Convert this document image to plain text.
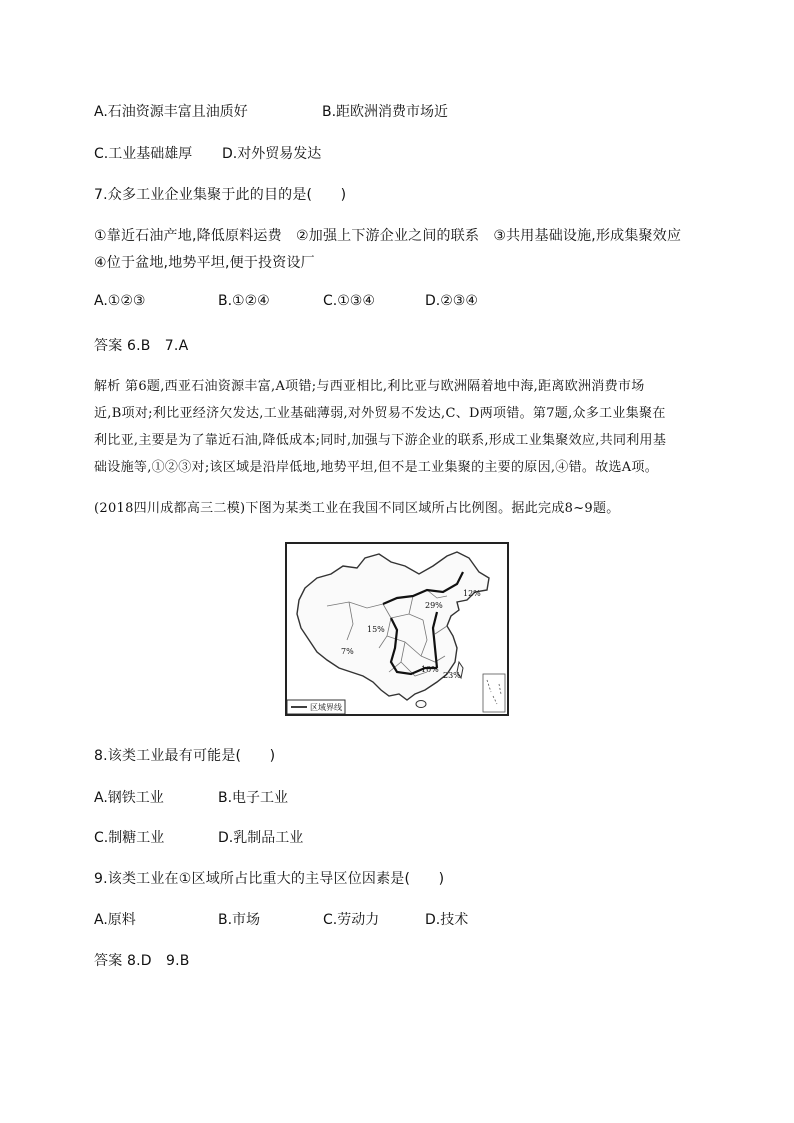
A.石油资源丰富且油质好	B.距欧洲消费市场近
C.工业基础雄厚 D.对外贸易发达
7.众多工业企业集聚于此的目的是(　　)
①靠近石油产地,降低原料运费　②加强上下游企业之间的联系　③共用基础设施,形成集聚效应
④位于盆地,地势平坦,便于投资设厂
A.①②③	B.①②④	C.①③④	D.②③④
答案 6.B　7.A
解析 第6题,西亚石油资源丰富,A项错;与西亚相比,利比亚与欧洲隔着地中海,距离欧洲消费市场
近,B项对;利比亚经济欠发达,工业基础薄弱,对外贸易不发达,C、D两项错。第7题,众多工业集聚在
利比亚,主要是为了靠近石油,降低成本;同时,加强与下游企业的联系,形成工业集聚效应,共同利用基
础设施等,①②③对;该区域是沿岸低地,地势平坦,但不是工业集聚的主要的原因,④错。故选A项。
(2018四川成都高三二模)下图为某类工业在我国不同区域所占比例图。据此完成8~9题。
29%
12%
15%
7%
10%
23%
区域界线
8.该类工业最有可能是(　　)
A.钢铁工业	B.电子工业
C.制糖工业	D.乳制品工业
9.该类工业在①区域所占比重大的主导区位因素是(　　)
A.原料	B.市场	C.劳动力	D.技术
答案 8.D　9.B
